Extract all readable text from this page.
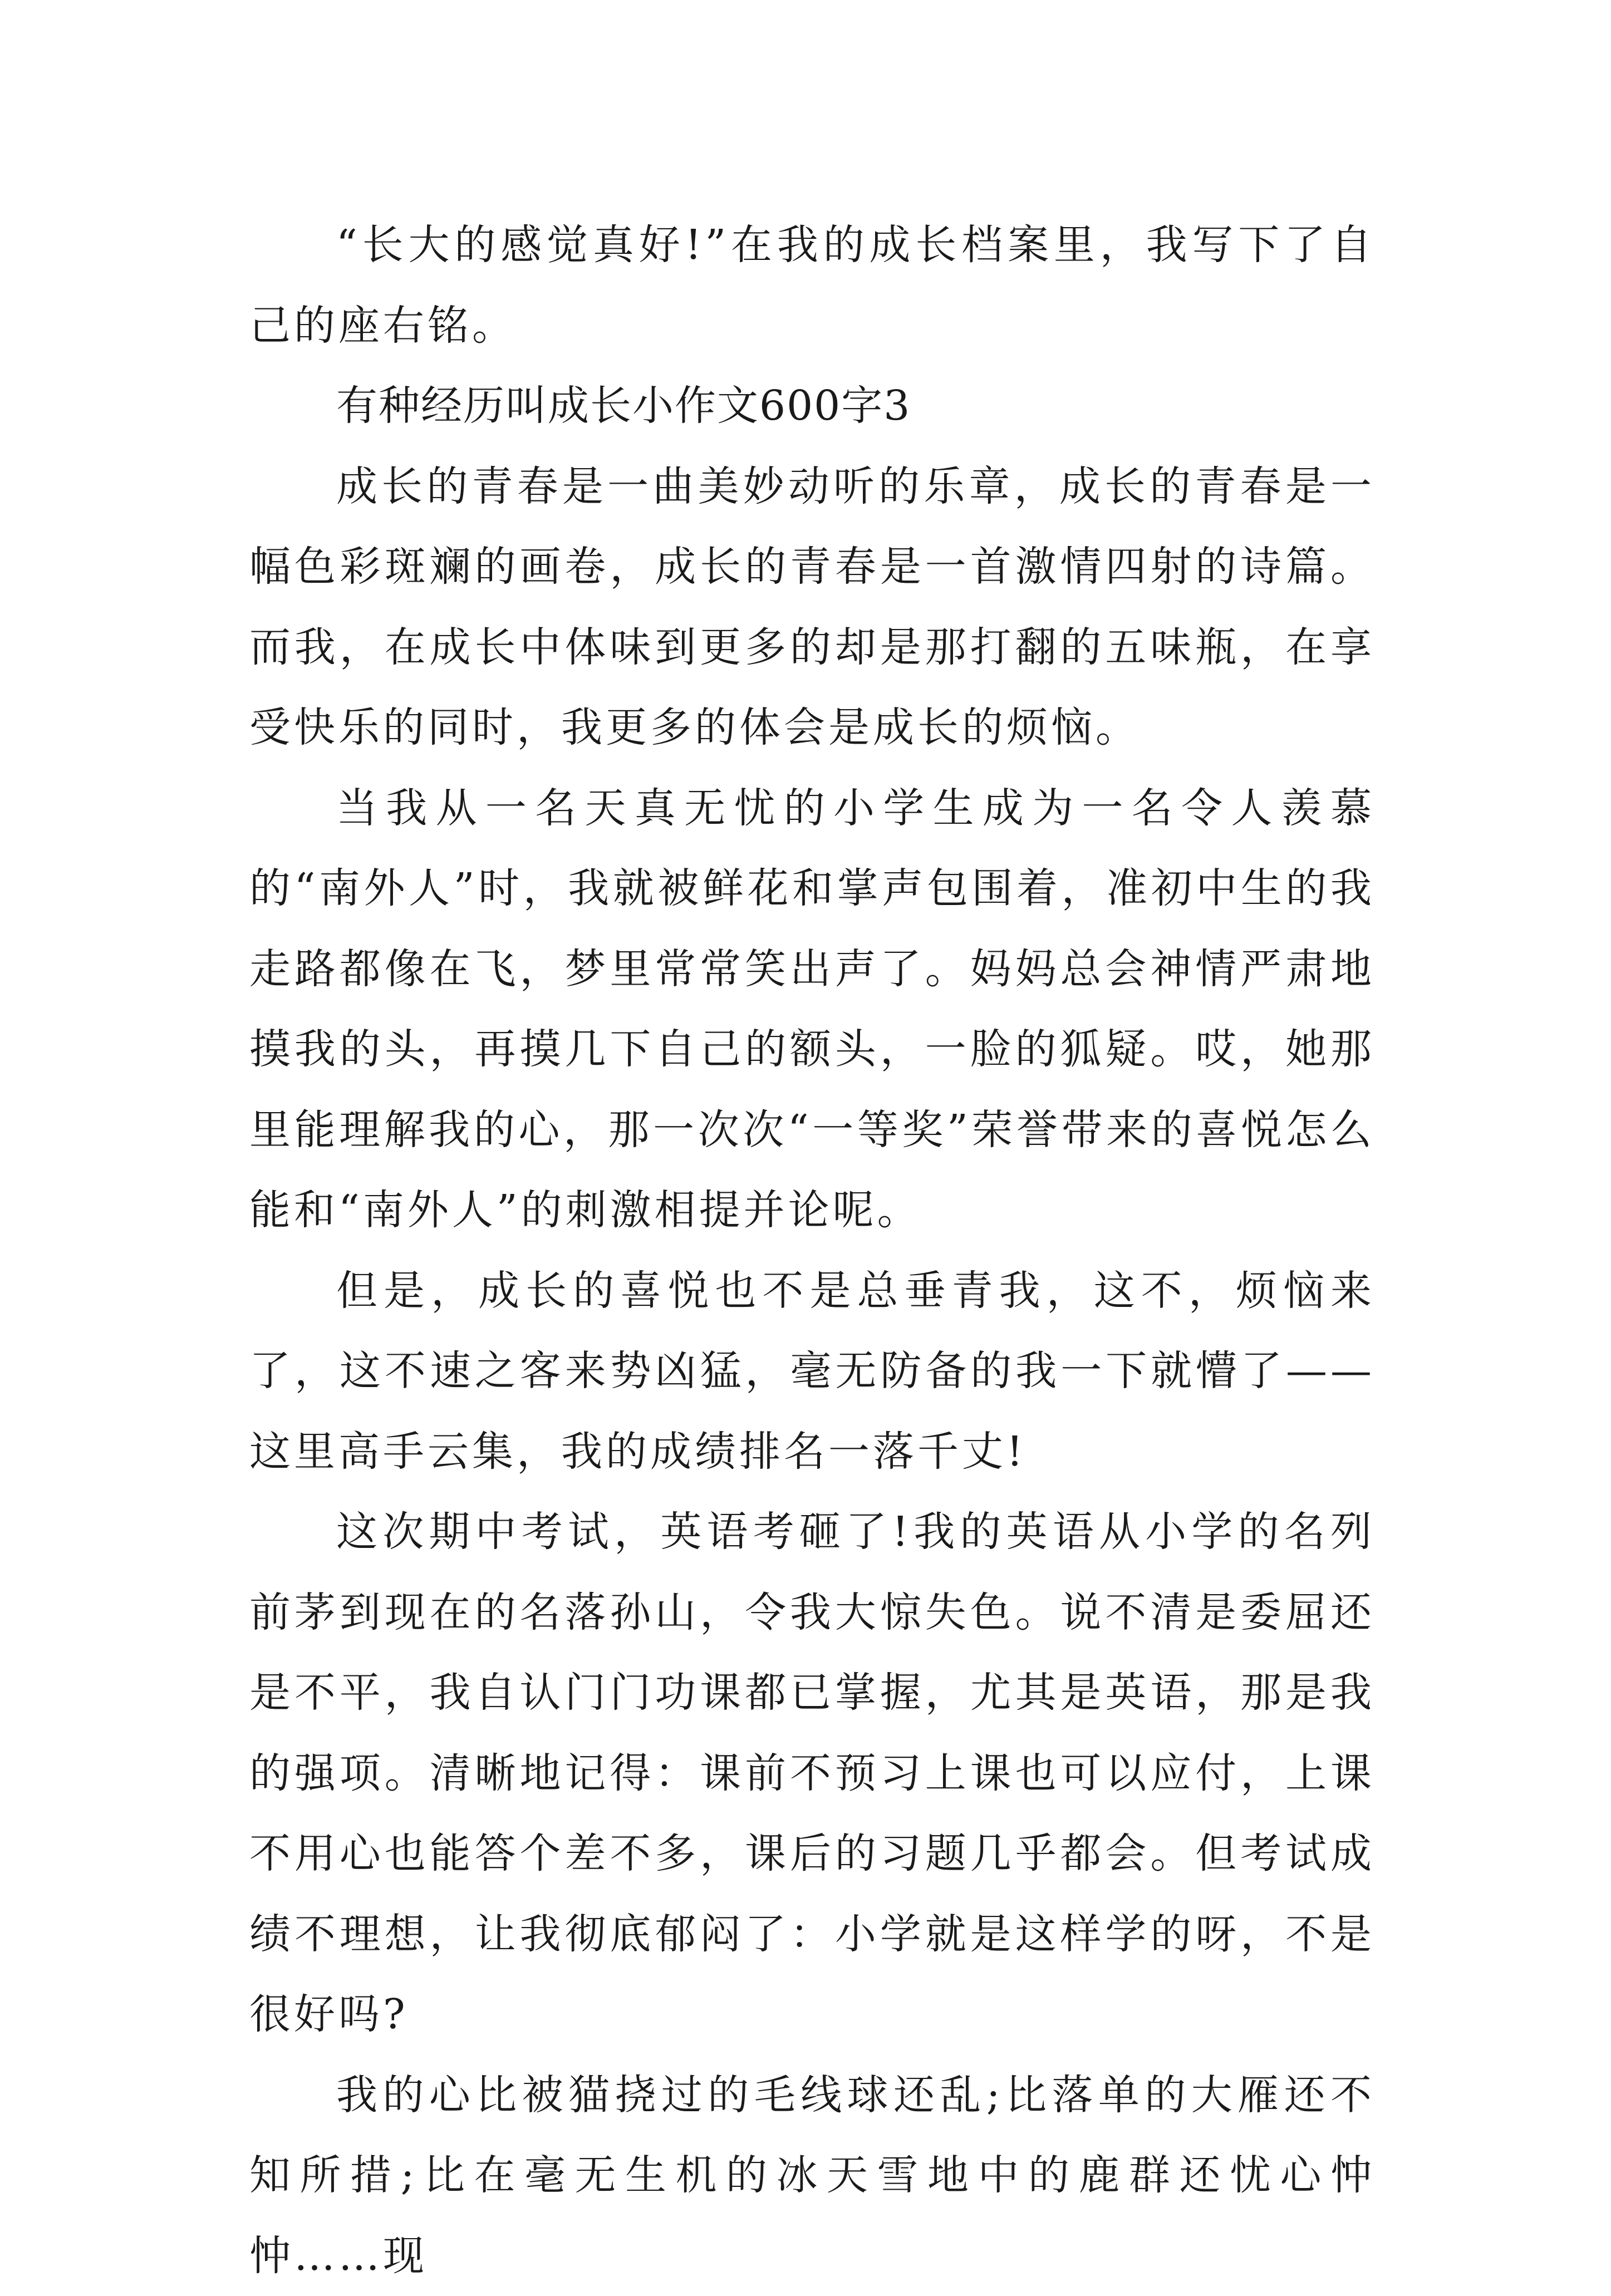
“长大的感觉真好!”在我的成长档案里，我写下了自己的座右铭。

有种经历叫成长小作文600字3

成长的青春是一曲美妙动听的乐章，成长的青春是一幅色彩斑斓的画卷，成长的青春是一首激情四射的诗篇。而我，在成长中体味到更多的却是那打翻的五味瓶，在享受快乐的同时，我更多的体会是成长的烦恼。

当我从一名天真无忧的小学生成为一名令人羡慕的“南外人”时，我就被鲜花和掌声包围着，准初中生的我走路都像在飞，梦里常常笑出声了。妈妈总会神情严肃地摸我的头，再摸几下自己的额头，一脸的狐疑。哎，她那里能理解我的心，那一次次“一等奖”荣誉带来的喜悦怎么能和“南外人”的刺激相提并论呢。

但是，成长的喜悦也不是总垂青我，这不，烦恼来了，这不速之客来势凶猛，毫无防备的我一下就懵了——这里高手云集，我的成绩排名一落千丈!

这次期中考试，英语考砸了!我的英语从小学的名列前茅到现在的名落孙山，令我大惊失色。说不清是委屈还是不平，我自认门门功课都已掌握，尤其是英语，那是我的强项。清晰地记得：课前不预习上课也可以应付，上课不用心也能答个差不多，课后的习题几乎都会。但考试成绩不理想，让我彻底郁闷了：小学就是这样学的呀，不是很好吗?

我的心比被猫挠过的毛线球还乱;比落单的大雁还不知所措;比在毫无生机的冰天雪地中的鹿群还忧心忡忡……现
